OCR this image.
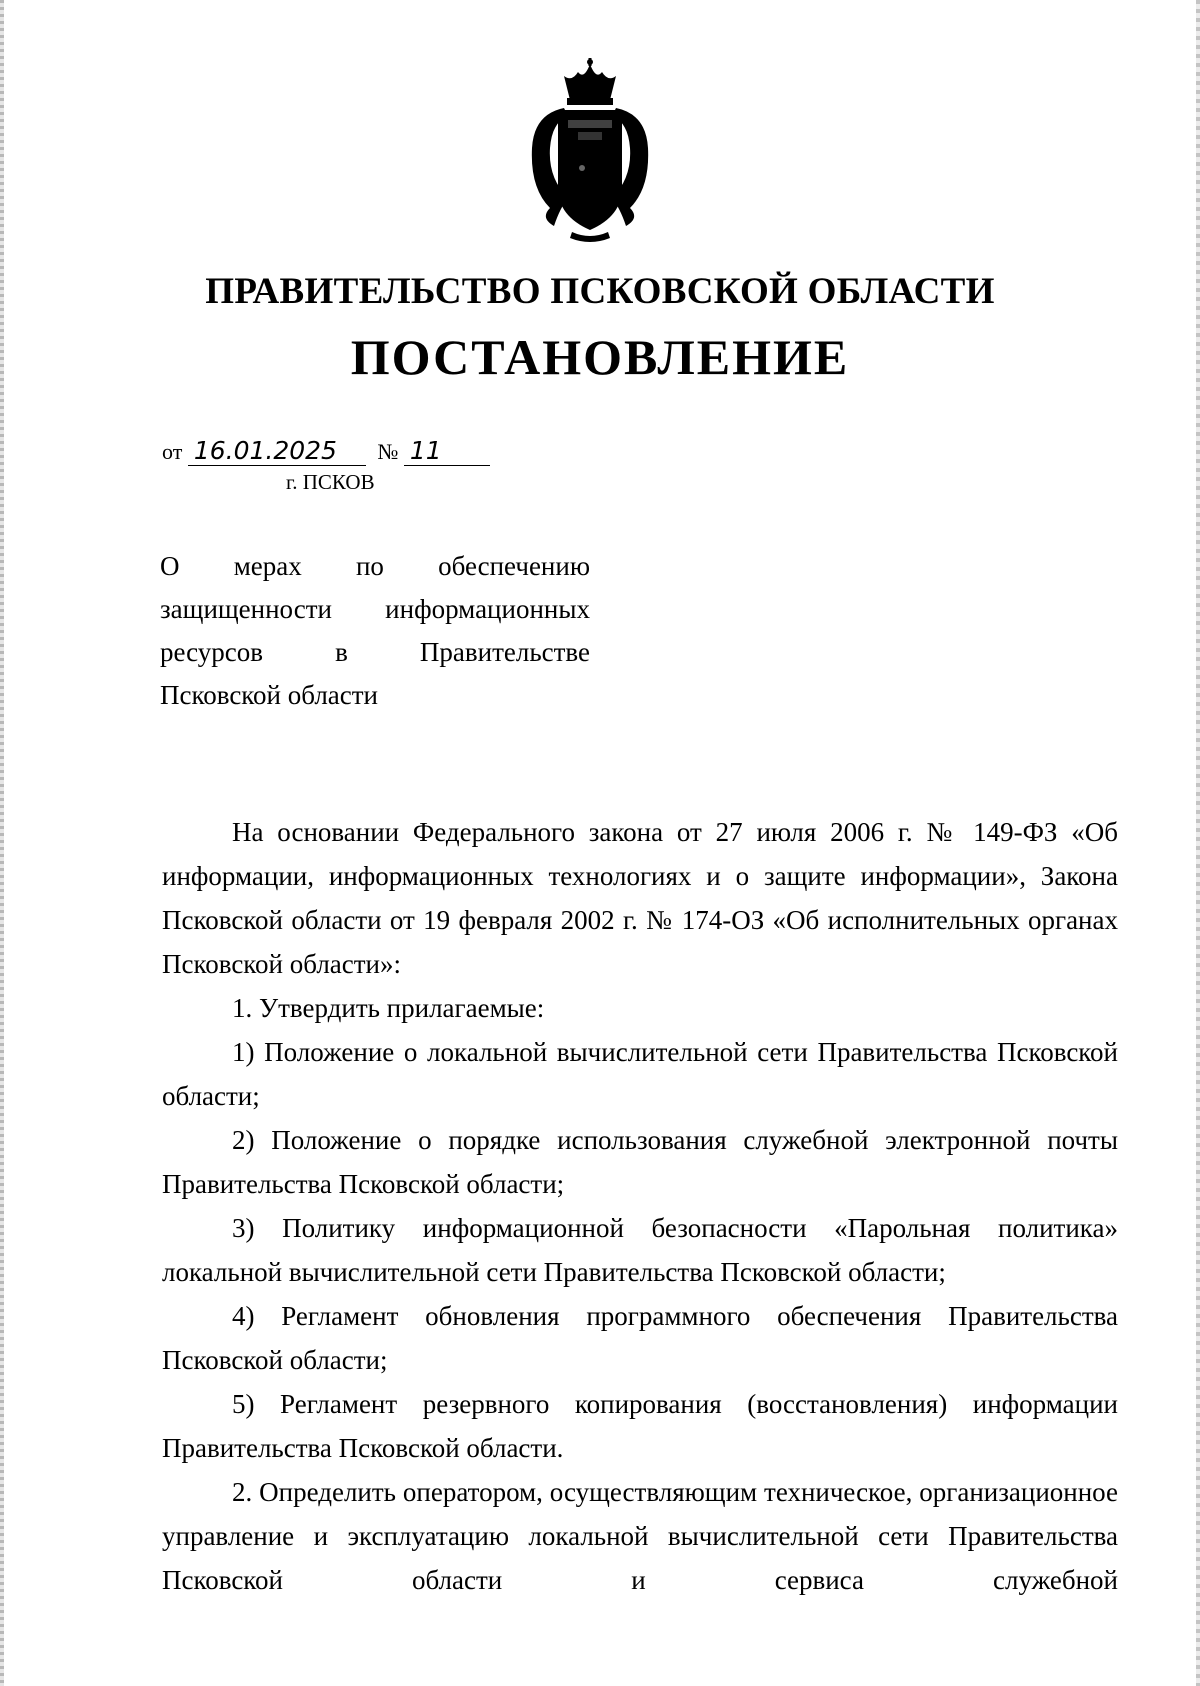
ПРАВИТЕЛЬСТВО ПСКОВСКОЙ ОБЛАСТИ
ПОСТАНОВЛЕНИЕ
от 16.01.2025 № 11
г. ПСКОВ
О мерах по обеспечению
защищенности информационных
ресурсов в Правительстве
Псковской области

На основании Федерального закона от 27 июля 2006 г. № 149-ФЗ «Об информации, информационных технологиях и о защите информации», Закона Псковской области от 19 февраля 2002 г. № 174-ОЗ «Об исполнительных органах Псковской области»:

1. Утвердить прилагаемые:

1) Положение о локальной вычислительной сети Правительства Псковской области;

2) Положение о порядке использования служебной электронной почты Правительства Псковской области;

3) Политику информационной безопасности «Парольная политика» локальной вычислительной сети Правительства Псковской области;

4) Регламент обновления программного обеспечения Правительства Псковской области;

5) Регламент резервного копирования (восстановления) информации Правительства Псковской области.

2. Определить оператором, осуществляющим техническое, организационное управление и эксплуатацию локальной вычислительной сети Правительства Псковской области и сервиса служебной
